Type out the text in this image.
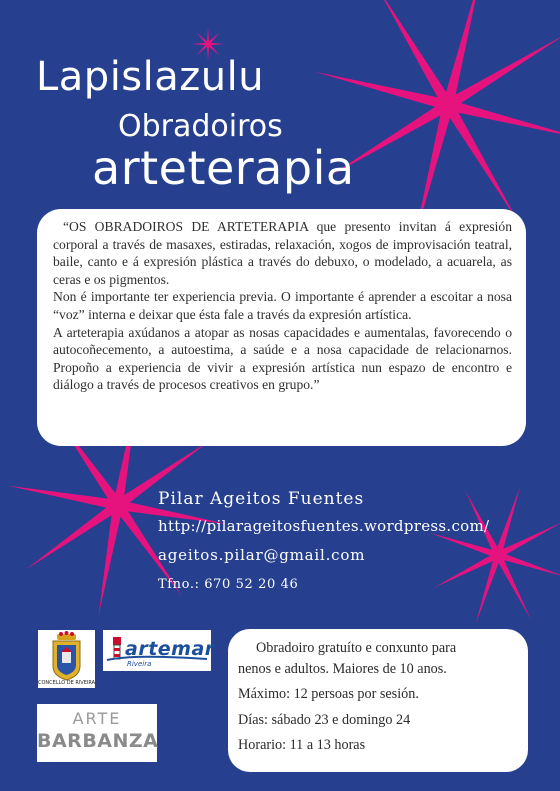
Lapislazulu
Obradoiros
arteterapia

“OS OBRADOIROS DE ARTETERAPIA que presento invitan á expresión corporal a través de masaxes, estiradas, relaxación, xogos de improvisación teatral, baile, canto e á expresión plástica a través do debuxo, o modelado, a acuarela, as ceras e os pigmentos.

Non é importante ter experiencia previa. O importante é aprender a escoitar a nosa “voz” interna e deixar que ésta fale a través da expresión artística.

A arteterapia axúdanos a atopar as nosas capacidades e aumentalas, favorecendo o autocoñecemento, a autoestima, a saúde e a nosa capacidade de relacionarnos. Propoño a experiencia de vivir a expresión artística nun espazo de encontro e diálogo a través de procesos creativos en grupo.”

Pilar Ageitos Fuentes

http://pilarageitosfuentes.wordpress.com/

ageitos.pilar@gmail.com

Tfno.: 670 52 20 46

CONCELLO DE RIVEIRA
artemar
Riveira
ARTE
BARBANZA

Obradoiro gratuíto e conxunto para

nenos e adultos. Maiores de 10 anos.

Máximo: 12 persoas por sesión.

Días: sábado 23 e domingo 24

Horario: 11 a 13 horas
